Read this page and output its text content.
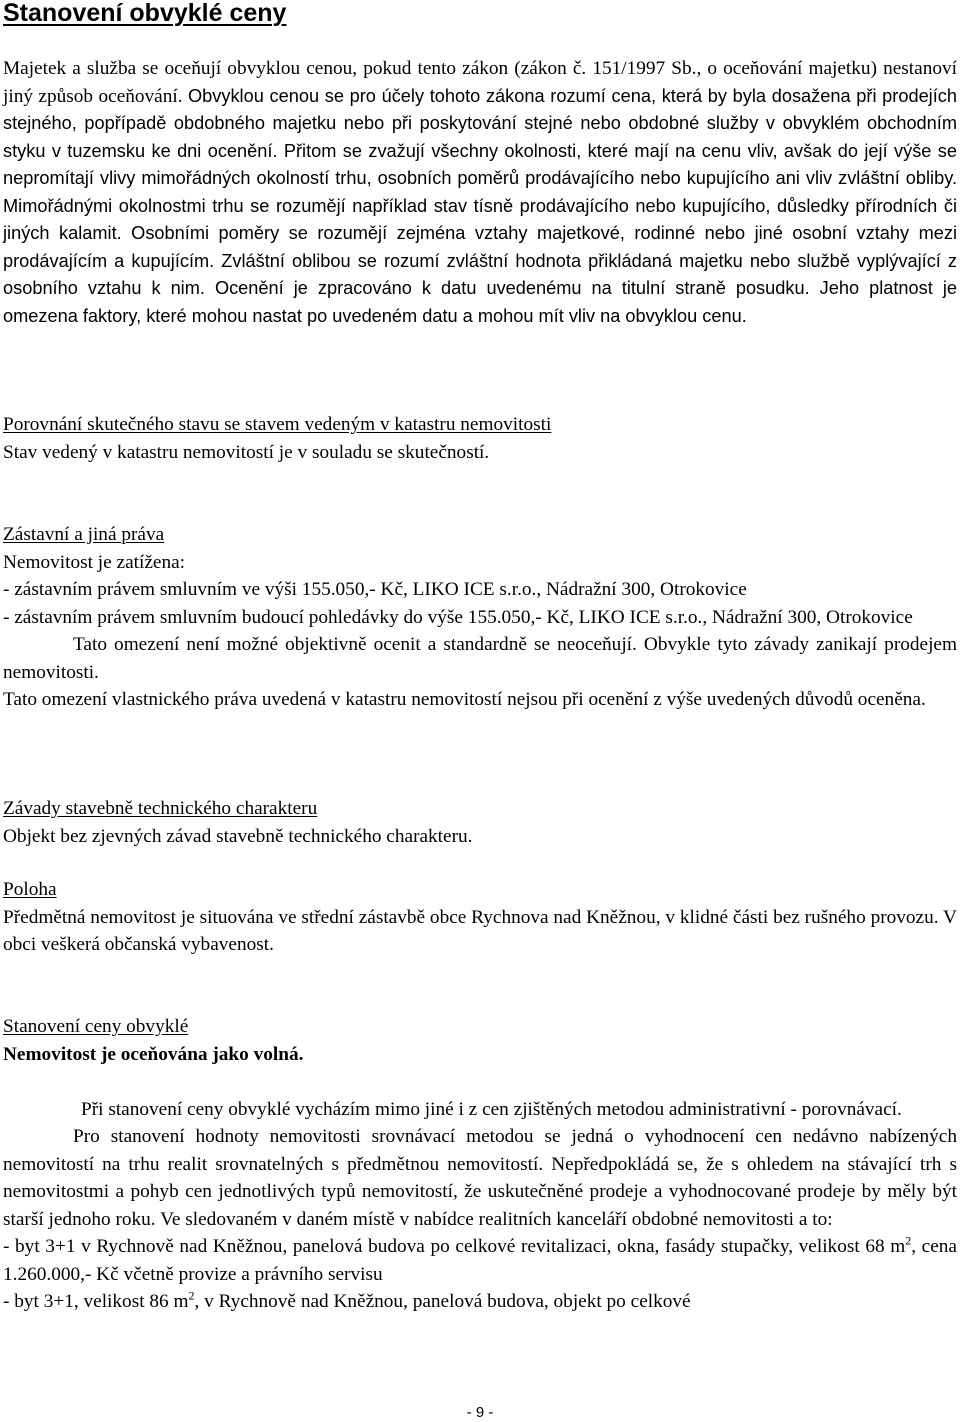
Stanovení obvyklé ceny

Majetek a služba se oceňují obvyklou cenou, pokud tento zákon (zákon č. 151/1997 Sb., o oceňování majetku) nestanoví jiný způsob oceňování. Obvyklou cenou se pro účely tohoto zákona rozumí cena, která by byla dosažena při prodejích stejného, popřípadě obdobného majetku nebo při poskytování stejné nebo obdobné služby v obvyklém obchodním styku v tuzemsku ke dni ocenění. Přitom se zvažují všechny okolnosti, které mají na cenu vliv, avšak do její výše se nepromítají vlivy mimořádných okolností trhu, osobních poměrů prodávajícího nebo kupujícího ani vliv zvláštní obliby. Mimořádnými okolnostmi trhu se rozumějí například stav tísně prodávajícího nebo kupujícího, důsledky přírodních či jiných kalamit. Osobními poměry se rozumějí zejména vztahy majetkové, rodinné nebo jiné osobní vztahy mezi prodávajícím a kupujícím. Zvláštní oblibou se rozumí zvláštní hodnota přikládaná majetku nebo službě vyplývající z osobního vztahu k nim. Ocenění je zpracováno k datu uvedenému na titulní straně posudku. Jeho platnost je omezena faktory, které mohou nastat po uvedeném datu a mohou mít vliv na obvyklou cenu.

Porovnání skutečného stavu se stavem vedeným v katastru nemovitosti

Stav vedený v katastru nemovitostí je v souladu se skutečností.

Zástavní a jiná práva

Nemovitost je zatížena:

- zástavním právem smluvním ve výši 155.050,- Kč, LIKO ICE s.r.o., Nádražní 300, Otrokovice

- zástavním právem smluvním budoucí pohledávky do výše 155.050,- Kč, LIKO ICE s.r.o., Nádražní 300, Otrokovice

Tato omezení není možné objektivně ocenit a standardně se neoceňují. Obvykle tyto závady zanikají prodejem nemovitosti.

Tato omezení vlastnického práva uvedená v katastru nemovitostí nejsou při ocenění z výše uvedených důvodů oceněna.

Závady stavebně technického charakteru

Objekt bez zjevných závad stavebně technického charakteru.

Poloha

Předmětná nemovitost je situována ve střední zástavbě obce Rychnova nad Kněžnou, v klidné části bez rušného provozu. V obci veškerá občanská vybavenost.

Stanovení ceny obvyklé

Nemovitost je oceňována jako volná.

Při stanovení ceny obvyklé vycházím mimo jiné i z cen zjištěných metodou administrativní - porovnávací.

Pro stanovení hodnoty nemovitosti srovnávací metodou se jedná o vyhodnocení cen nedávno nabízených nemovitostí na trhu realit srovnatelných s předmětnou nemovitostí. Nepředpokládá se, že s ohledem na stávající trh s nemovitostmi a pohyb cen jednotlivých typů nemovitostí, že uskutečněné prodeje a vyhodnocované prodeje by měly být starší jednoho roku. Ve sledovaném v daném místě v nabídce realitních kanceláří obdobné nemovitosti a to:

- byt 3+1 v Rychnově nad Kněžnou, panelová budova po celkové revitalizaci, okna, fasády stupačky, velikost 68 $m^2$, cena 1.260.000,- Kč včetně provize a právního servisu

- byt 3+1, velikost 86 $m^2$, v Rychnově nad Kněžnou, panelová budova, objekt po celkové

- 9 -
